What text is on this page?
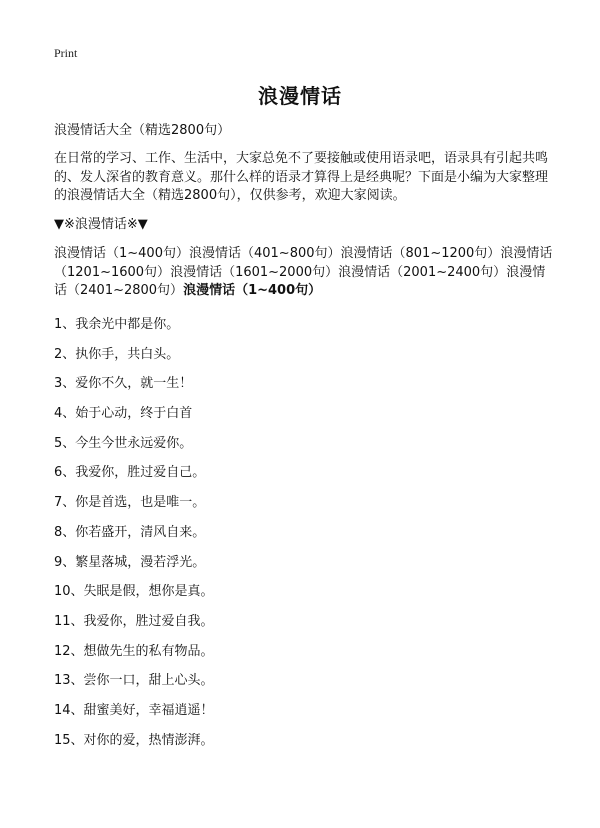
Print
浪漫情话
浪漫情话大全（精选2800句）
在日常的学习、工作、生活中，大家总免不了要接触或使用语录吧，语录具有引起共鸣的、发人深省的教育意义。那什么样的语录才算得上是经典呢？下面是小编为大家整理的浪漫情话大全（精选2800句），仅供参考，欢迎大家阅读。
▼※浪漫情话※▼
浪漫情话（1~400句）浪漫情话（401~800句）浪漫情话（801~1200句）浪漫情话（1201~1600句）浪漫情话（1601~2000句）浪漫情话（2001~2400句）浪漫情话（2401~2800句）浪漫情话（1~400句）
1、我余光中都是你。
2、执你手，共白头。
3、爱你不久，就一生！
4、始于心动，终于白首
5、今生今世永远爱你。
6、我爱你，胜过爱自己。
7、你是首选，也是唯一。
8、你若盛开，清风自来。
9、繁星落城，漫若浮光。
10、失眠是假，想你是真。
11、我爱你，胜过爱自我。
12、想做先生的私有物品。
13、尝你一口，甜上心头。
14、甜蜜美好，幸福逍遥！
15、对你的爱，热情澎湃。
